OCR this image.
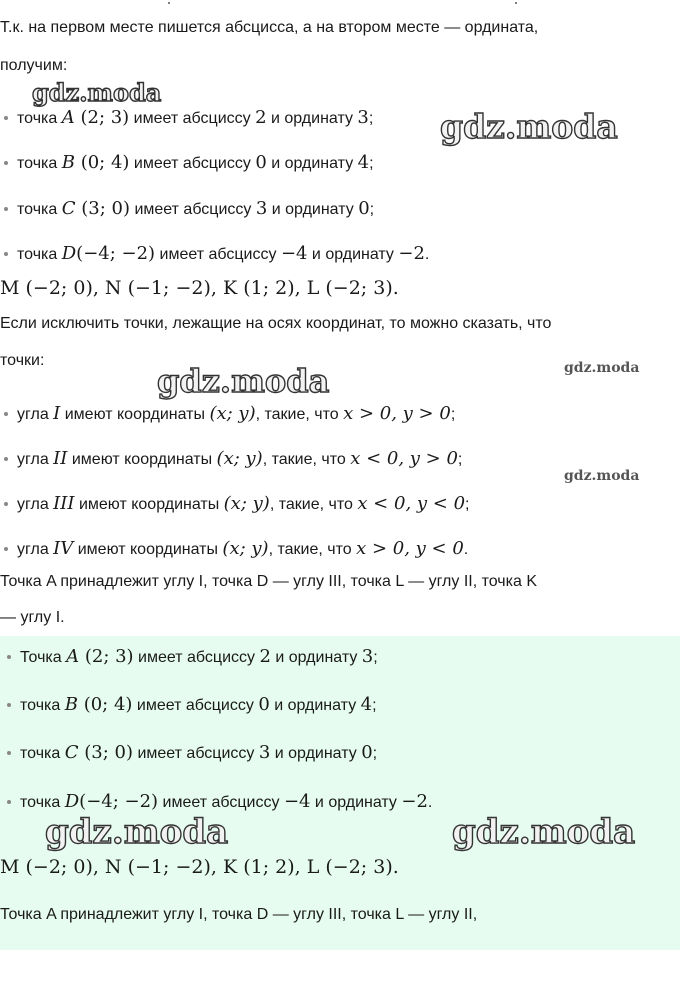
Т.к. на первом месте пишется абсцисса, а на втором месте — ордината,
получим:
точка A (2; 3) имеет абсциссу 2 и ординату 3;
точка B (0; 4) имеет абсциссу 0 и ординату 4;
точка C (3; 0) имеет абсциссу 3 и ординату 0;
точка D(−4; −2) имеет абсциссу −4 и ординату −2.
M (−2; 0), N (−1; −2), K (1; 2), L (−2; 3).
Если исключить точки, лежащие на осях координат, то можно сказать, что
точки:
угла I имеют координаты (x; y), такие, что x > 0, y > 0;
угла II имеют координаты (x; y), такие, что x < 0, y > 0;
угла III имеют координаты (x; y), такие, что x < 0, y < 0;
угла IV имеют координаты (x; y), такие, что x > 0, y < 0.
Точка A принадлежит углу I, точка D — углу III, точка L — углу II, точка K
— углу I.
Точка A (2; 3) имеет абсциссу 2 и ординату 3;
точка B (0; 4) имеет абсциссу 0 и ординату 4;
точка C (3; 0) имеет абсциссу 3 и ординату 0;
точка D(−4; −2) имеет абсциссу −4 и ординату −2.
M (−2; 0), N (−1; −2), K (1; 2), L (−2; 3).
Точка A принадлежит углу I, точка D — углу III, точка L — углу II,
gdz.moda
gdz.moda
gdz.moda	gdz.moda
gdz.moda
gdz.moda	gdz.moda
